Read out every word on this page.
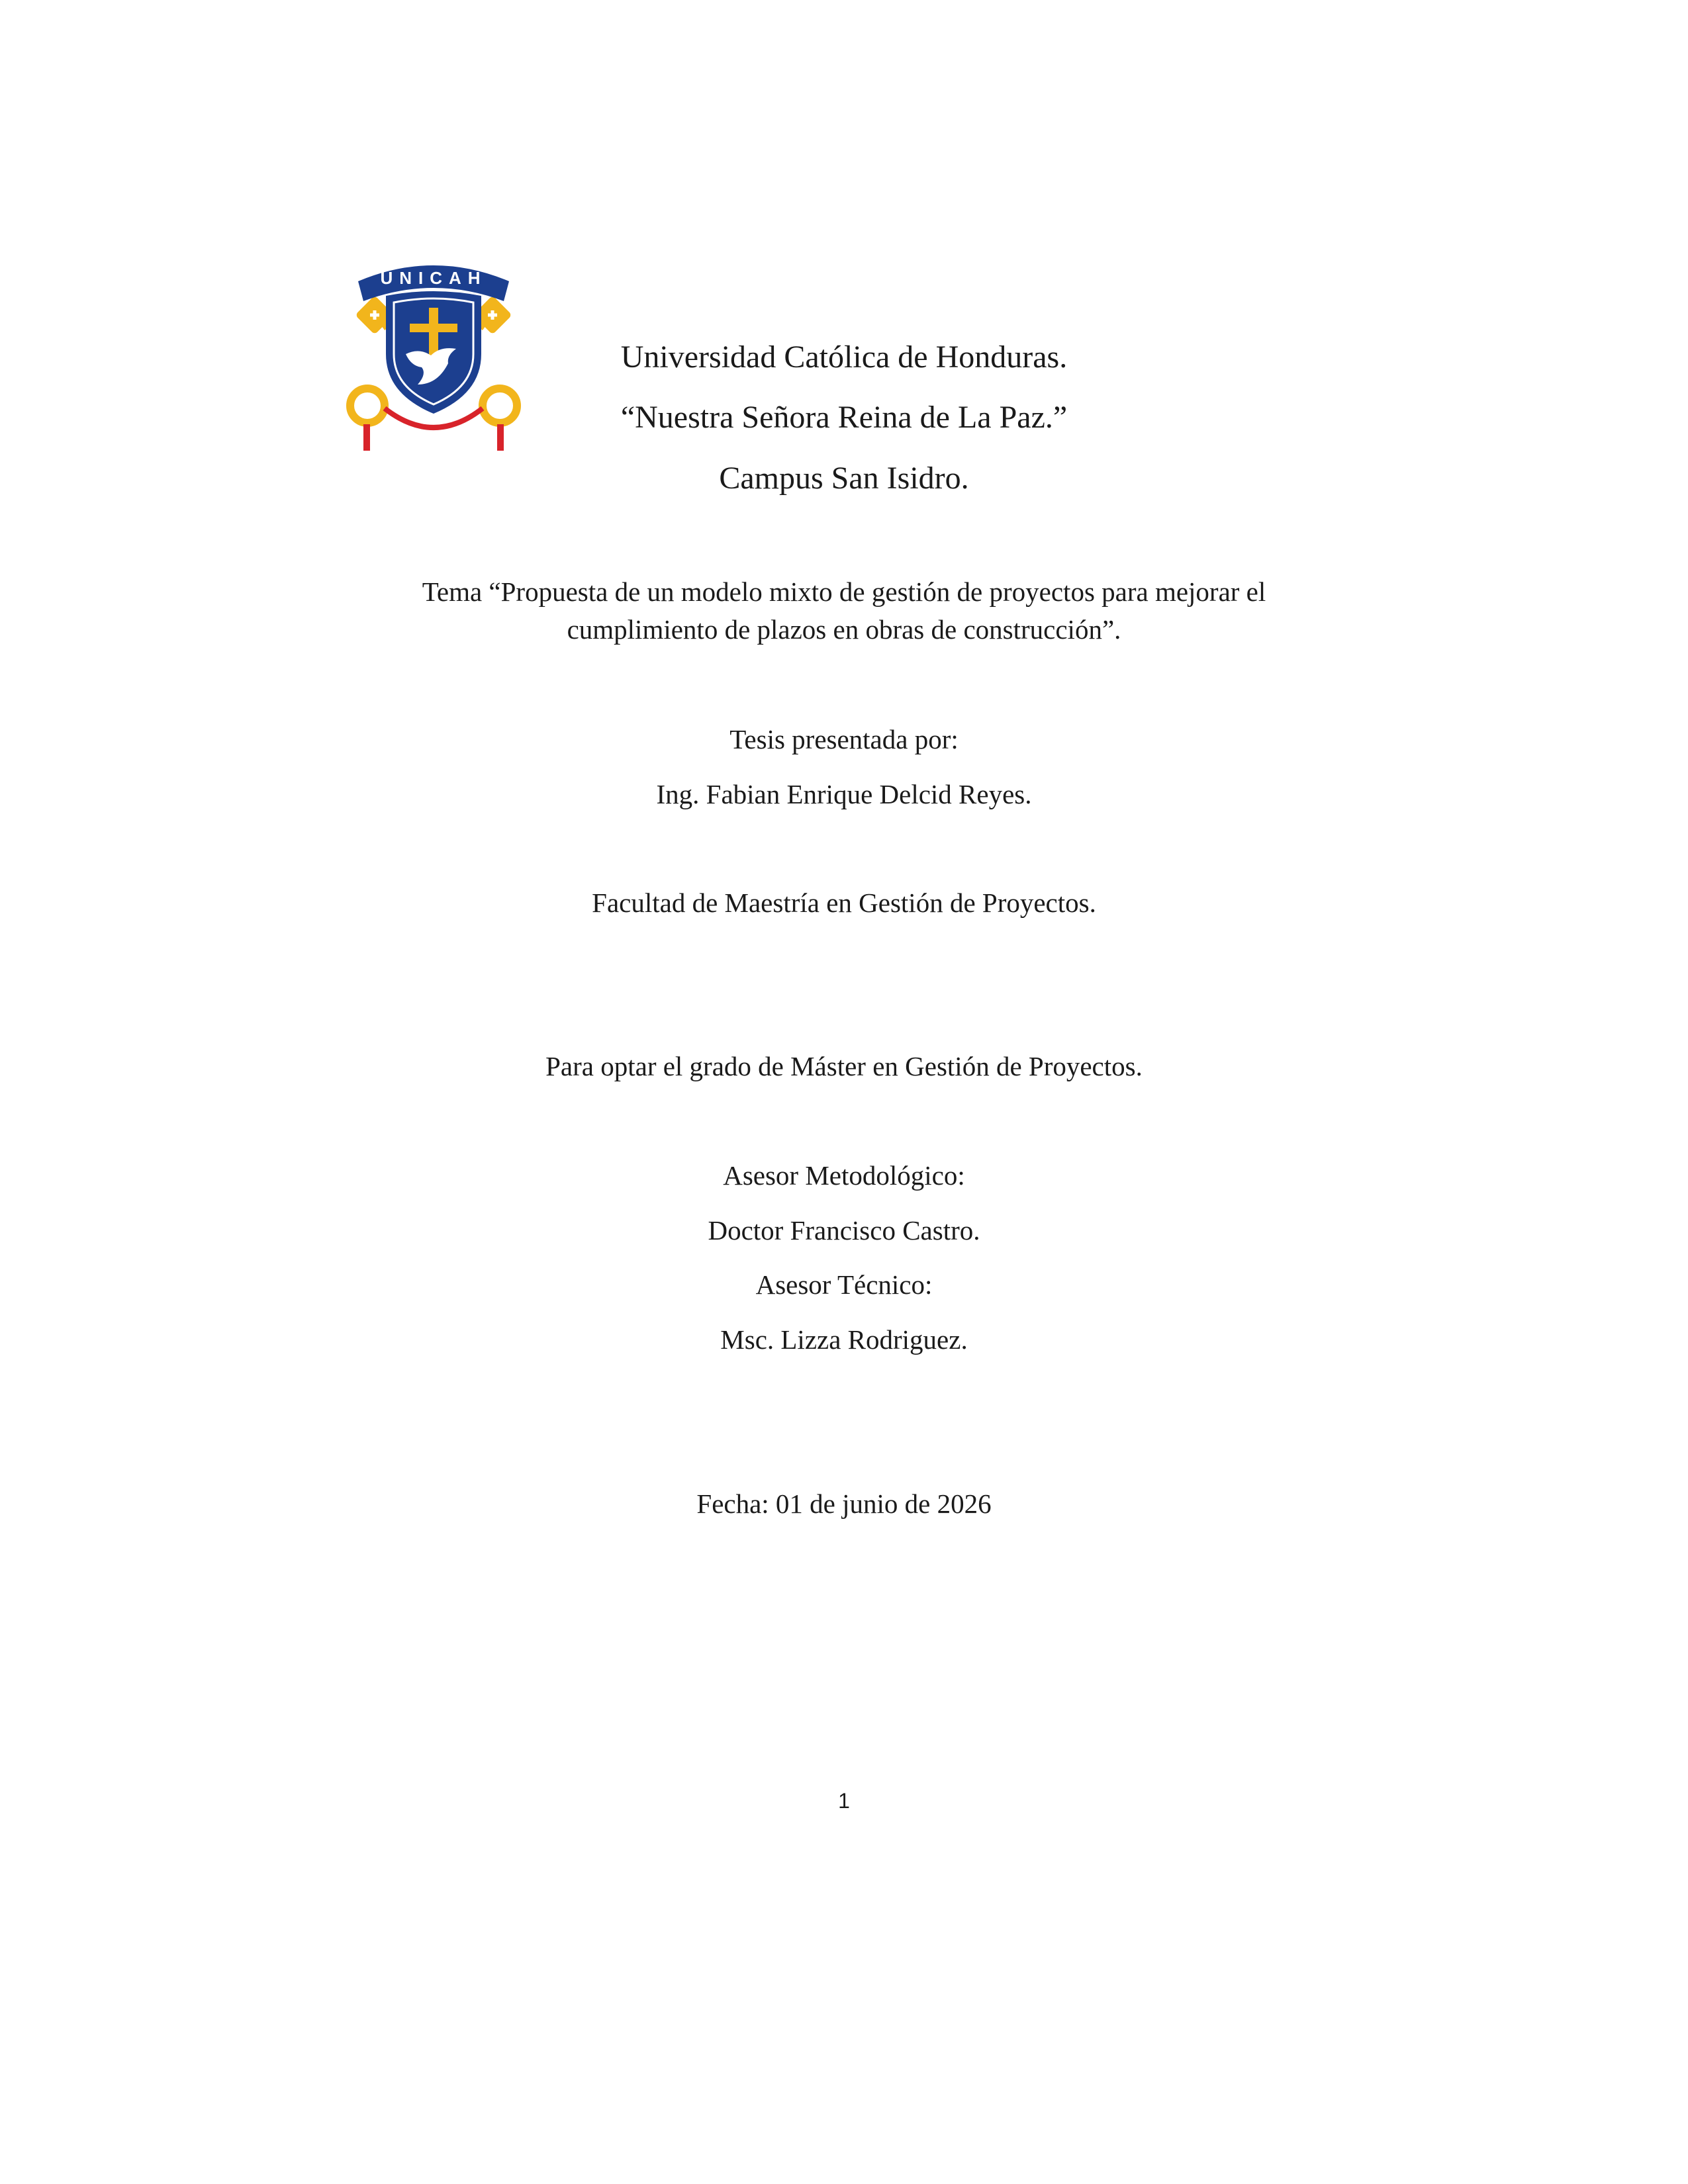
UNICAH
Universidad Católica de Honduras.
“Nuestra Señora Reina de La Paz.”
Campus San Isidro.
Tema “Propuesta de un modelo mixto de gestión de proyectos para mejorar el
cumplimiento de plazos en obras de construcción”.
Tesis presentada por:
Ing. Fabian Enrique Delcid Reyes.
Facultad de Maestría en Gestión de Proyectos.
Para optar el grado de Máster en Gestión de Proyectos.
Asesor Metodológico:
Doctor Francisco Castro.
Asesor Técnico:
Msc. Lizza Rodriguez.
Fecha: 01 de junio de 2026
1
